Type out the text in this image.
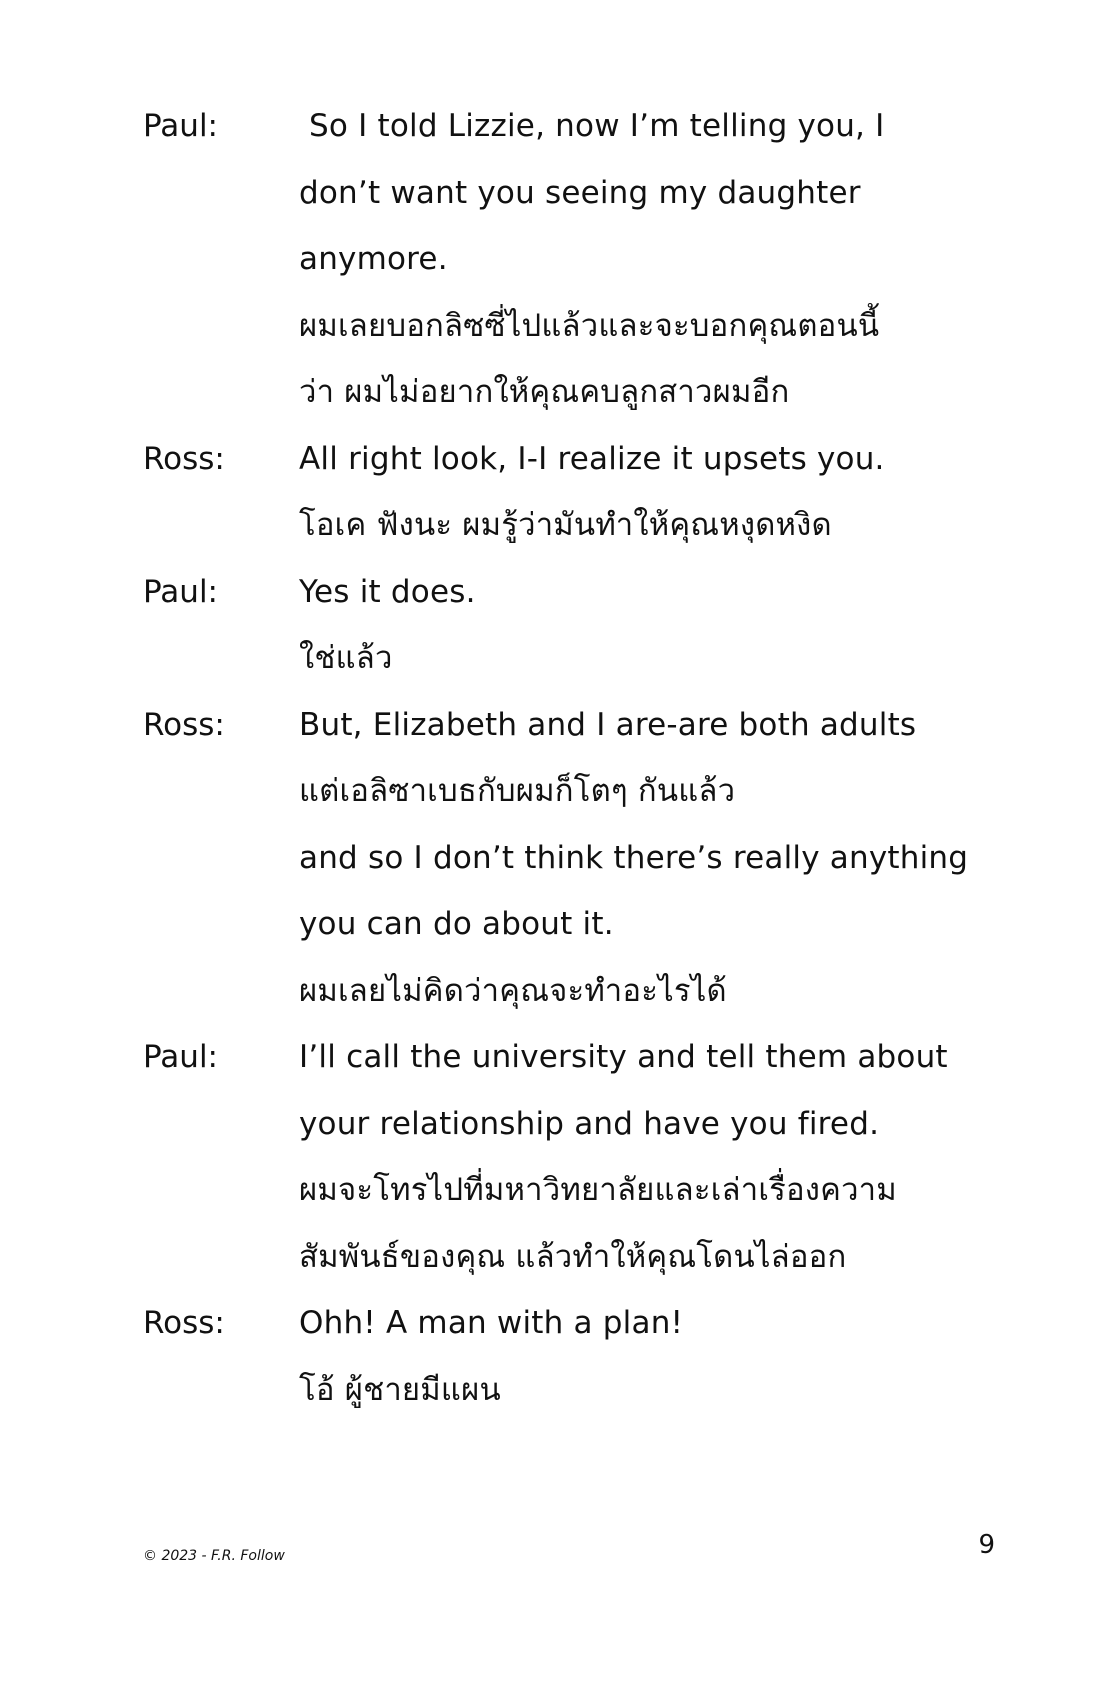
Paul:	So I told Lizzie, now I’m telling you, I
don’t want you seeing my daughter
anymore.
ผมเลยบอกลิซซี่ไปแล้วและจะบอกคุณตอนนี้
ว่า ผมไม่อยากให้คุณคบลูกสาวผมอีก
Ross:	All right look, I-I realize it upsets you.
โอเค ฟังนะ ผมรู้ว่ามันทำให้คุณหงุดหงิด
Paul:	Yes it does.
ใช่แล้ว
Ross:	But, Elizabeth and I are-are both adults
แต่เอลิซาเบธกับผมก็โตๆ กันแล้ว
and so I don’t think there’s really anything
you can do about it.
ผมเลยไม่คิดว่าคุณจะทำอะไรได้
Paul:	I’ll call the university and tell them about
your relationship and have you fired.
ผมจะโทรไปที่มหาวิทยาลัยและเล่าเรื่องความ
สัมพันธ์ของคุณ แล้วทำให้คุณโดนไล่ออก
Ross:	Ohh! A man with a plan!
โอ้ ผู้ชายมีแผน
© 2023 - F.R. Follow	9
